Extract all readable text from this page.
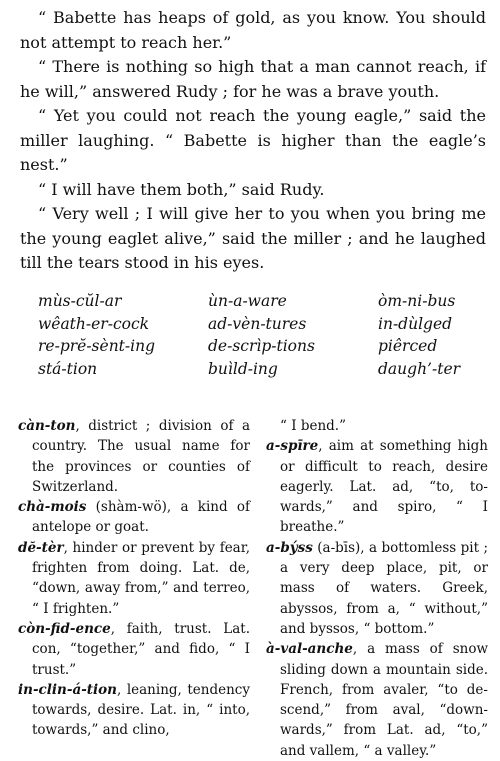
“ Babette has heaps of gold, as you know. You should not attempt to reach her.”

“ There is nothing so high that a man cannot reach, if he will,” answered Rudy ; for he was a brave youth.

“ Yet you could not reach the young eagle,” said the miller laughing. “ Babette is higher than the eagle’s nest.”

“ I will have them both,” said Rudy.

“ Very well ; I will give her to you when you bring me the young eaglet alive,” said the miller ; and he laughed till the tears stood in his eyes.

mùs-cŭl-ar	ùn-a-ware	òm-ni-bus
wêath-er-cock	ad-vèn-tures	in-dùlged
re-prĕ-sènt-ing	de-scrìp-tions	piêrced
stá-tion	buìld-ing	daugh’-ter

càn-ton, district ; division of a country. The usual name for the provinces or counties of Switzerland.

chà-mois (shàm-wö), a kind of antelope or goat.

dĕ-tèr, hinder or prevent by fear, frighten from doing. Lat. de, “down, away from,” and terreo, “ I frighten.”

còn-fid-ence, faith, trust. Lat. con, “together,” and fido, “ I trust.”

in-clin-á-tion, leaning, tendency towards, desire. Lat. in, “ into, towards,” and clino,

“ I bend.”

a-spīre, aim at something high or difficult to reach, desire eagerly. Lat. ad, “to, to-wards,” and spiro, “ I breathe.”

a-býss (a-bīs), a bottomless pit ; a very deep place, pit, or mass of waters. Greek, abyssos, from a, “ without,” and byssos, “ bottom.”

à-val-anche, a mass of snow sliding down a mountain side. French, from avaler, “to de-scend,” from aval, “down-wards,” from Lat. ad, “to,” and vallem, “ a valley.”
